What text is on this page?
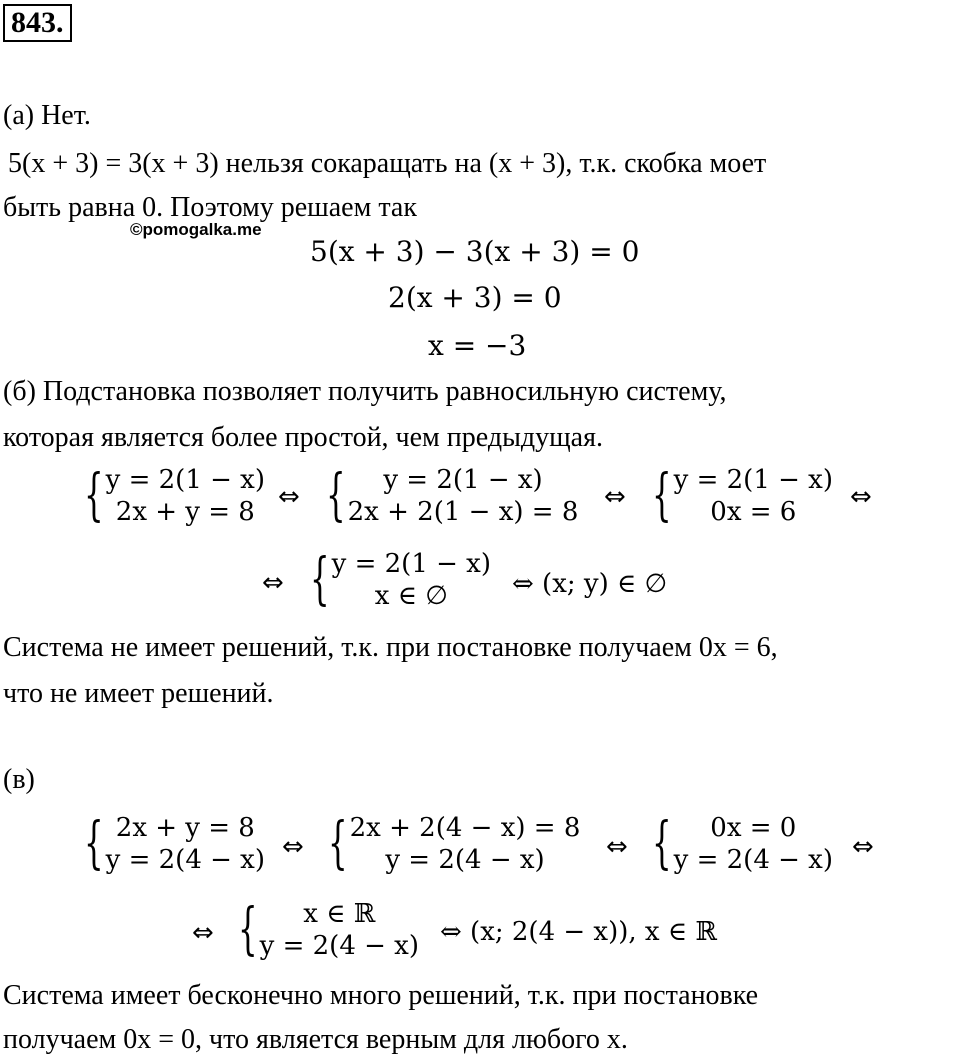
843.
(а) Нет.
5(x + 3) = 3(x + 3) нельзя сокаращать на (x + 3), т.к. скобка моет
быть равна 0. Поэтому решаем так
©pomogalka.me
5(x + 3) − 3(x + 3) = 0
2(x + 3) = 0
x = −3
(б) Подстановка позволяет получить равносильную систему,
которая является более простой, чем предыдущая.
{ y = 2(1 − x)
2x + y = 8 ⇔ { y = 2(1 − x)
2x + 2(1 − x) = 8 ⇔ { y = 2(1 − x)
0x = 6 ⇔
⇔ { y = 2(1 − x)
x ∈ ∅ ⇔ (x; y) ∈ ∅
Система не имеет решений, т.к. при постановке получаем 0x = 6,
что не имеет решений.
(в)
{ 2x + y = 8
y = 2(4 − x) ⇔ { 2x + 2(4 − x) = 8
y = 2(4 − x) ⇔ { 0x = 0
y = 2(4 − x) ⇔
⇔ { x ∈ ℝ
y = 2(4 − x) ⇔ (x; 2(4 − x)), x ∈ ℝ
Система имеет бесконечно много решений, т.к. при постановке
получаем 0x = 0, что является верным для любого x.
